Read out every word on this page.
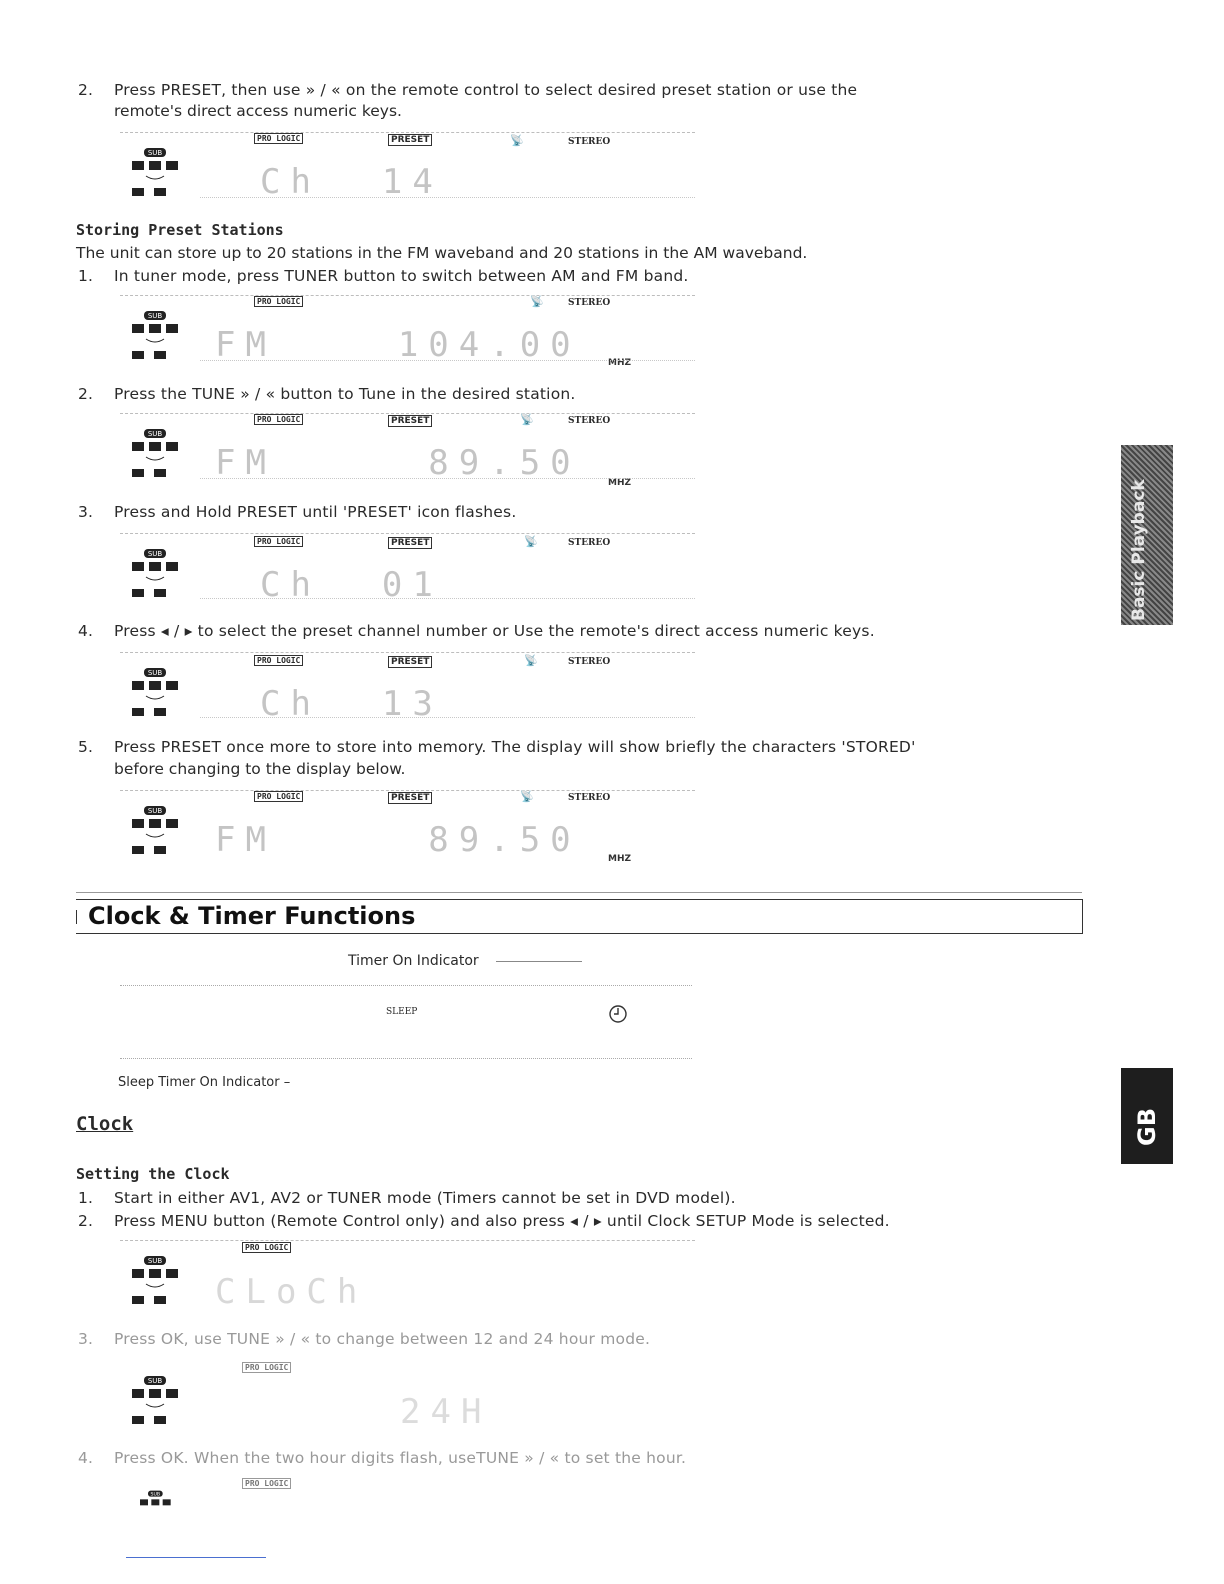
2. Press PRESET, then use » / « on the remote control to select desired preset station or use the
remote's direct access numeric keys.
PRO LOGIC	PRESET	📡	STEREO
SUB
Ch  14
Storing Preset Stations
The unit can store up to 20 stations in the FM waveband and 20 stations in the AM waveband.
1. In tuner mode, press TUNER button to switch between AM and FM band.
PRO LOGIC	📡	STEREO
SUB
FM    104.00	MHZ
2. Press the TUNE » / « button to Tune in the desired station.
PRO LOGIC	PRESET	📡	STEREO
SUB
FM     89.50	MHZ
3. Press and Hold PRESET until 'PRESET' icon flashes.
PRO LOGIC	PRESET	📡	STEREO
SUB
Ch  01
4. Press ◂ / ▸ to select the preset channel number or Use the remote's direct access numeric keys.
PRO LOGIC	PRESET	📡	STEREO
SUB
Ch  13
5. Press PRESET once more to store into memory. The display will show briefly the characters 'STORED'
before changing to the display below.
PRO LOGIC	PRESET	📡	STEREO
SUB
FM     89.50	MHZ
Clock & Timer Functions
Timer On Indicator
SLEEP
Sleep Timer On Indicator –
Clock
Setting the Clock
1. Start in either AV1, AV2 or TUNER mode (Timers cannot be set in DVD model).
2. Press MENU button (Remote Control only) and also press ◂ / ▸ until Clock SETUP Mode is selected.
PRO LOGIC
SUB
CLoCh
3. Press OK, use TUNE » / « to change between 12 and 24 hour mode.
PRO LOGIC
SUB
24H
4. Press OK. When the two hour digits flash, useTUNE » / « to set the hour.
PRO LOGIC
SUB
Basic Playback
GB
